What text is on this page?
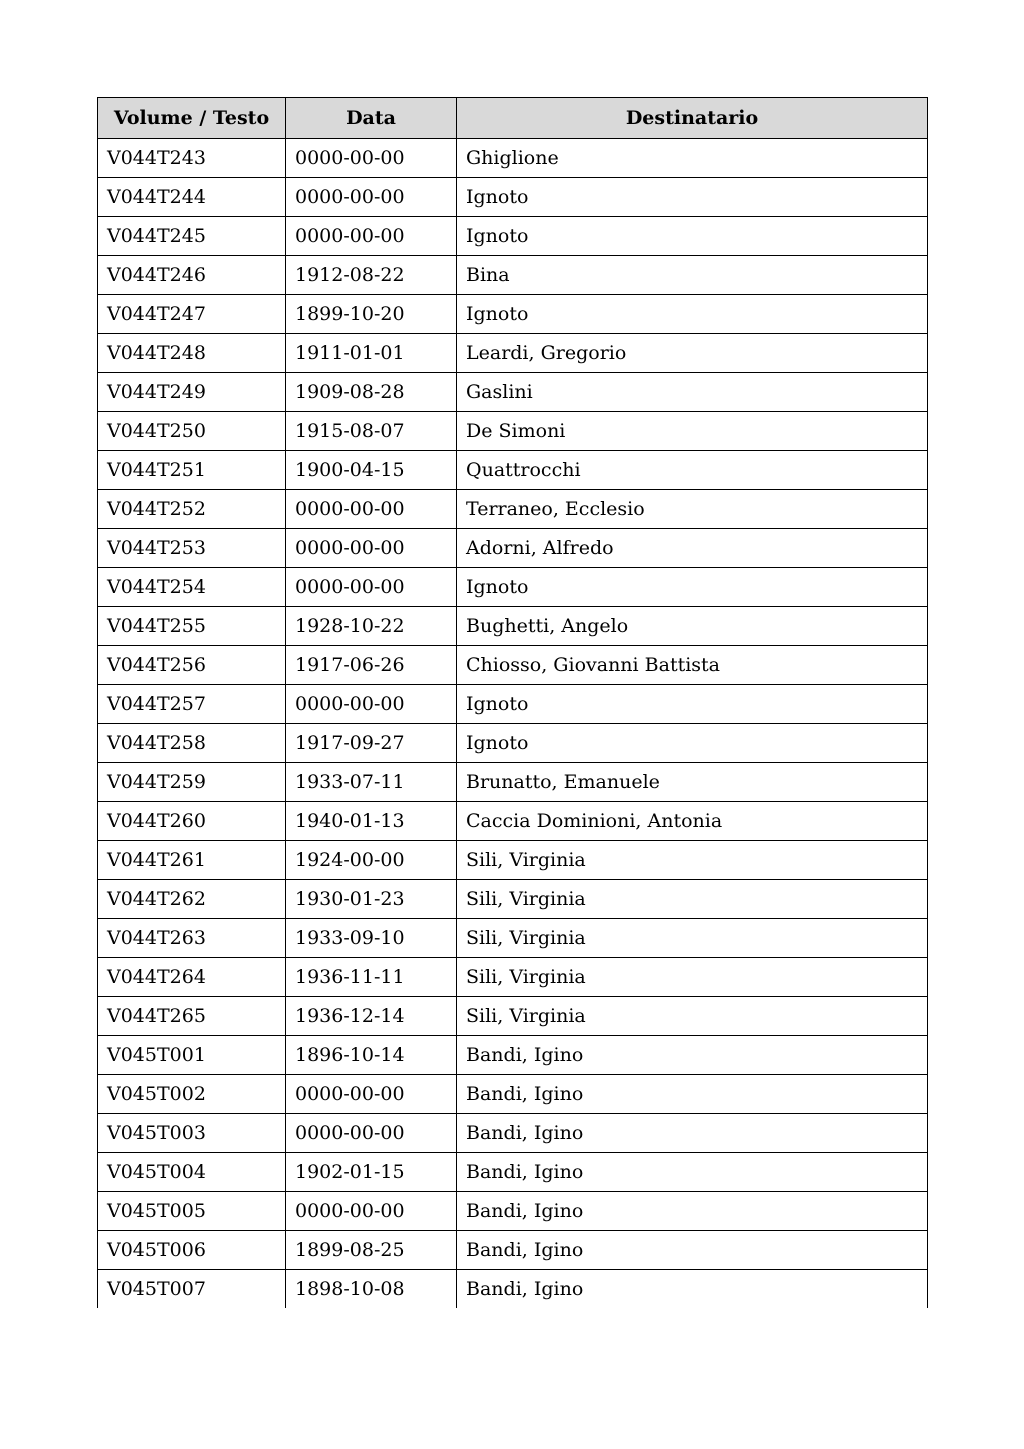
Volume / Testo	Data	Destinatario
V044T243	0000-00-00	Ghiglione
V044T244	0000-00-00	Ignoto
V044T245	0000-00-00	Ignoto
V044T246	1912-08-22	Bina
V044T247	1899-10-20	Ignoto
V044T248	1911-01-01	Leardi, Gregorio
V044T249	1909-08-28	Gaslini
V044T250	1915-08-07	De Simoni
V044T251	1900-04-15	Quattrocchi
V044T252	0000-00-00	Terraneo, Ecclesio
V044T253	0000-00-00	Adorni, Alfredo
V044T254	0000-00-00	Ignoto
V044T255	1928-10-22	Bughetti, Angelo
V044T256	1917-06-26	Chiosso, Giovanni Battista
V044T257	0000-00-00	Ignoto
V044T258	1917-09-27	Ignoto
V044T259	1933-07-11	Brunatto, Emanuele
V044T260	1940-01-13	Caccia Dominioni, Antonia
V044T261	1924-00-00	Sili, Virginia
V044T262	1930-01-23	Sili, Virginia
V044T263	1933-09-10	Sili, Virginia
V044T264	1936-11-11	Sili, Virginia
V044T265	1936-12-14	Sili, Virginia
V045T001	1896-10-14	Bandi, Igino
V045T002	0000-00-00	Bandi, Igino
V045T003	0000-00-00	Bandi, Igino
V045T004	1902-01-15	Bandi, Igino
V045T005	0000-00-00	Bandi, Igino
V045T006	1899-08-25	Bandi, Igino
V045T007	1898-10-08	Bandi, Igino
